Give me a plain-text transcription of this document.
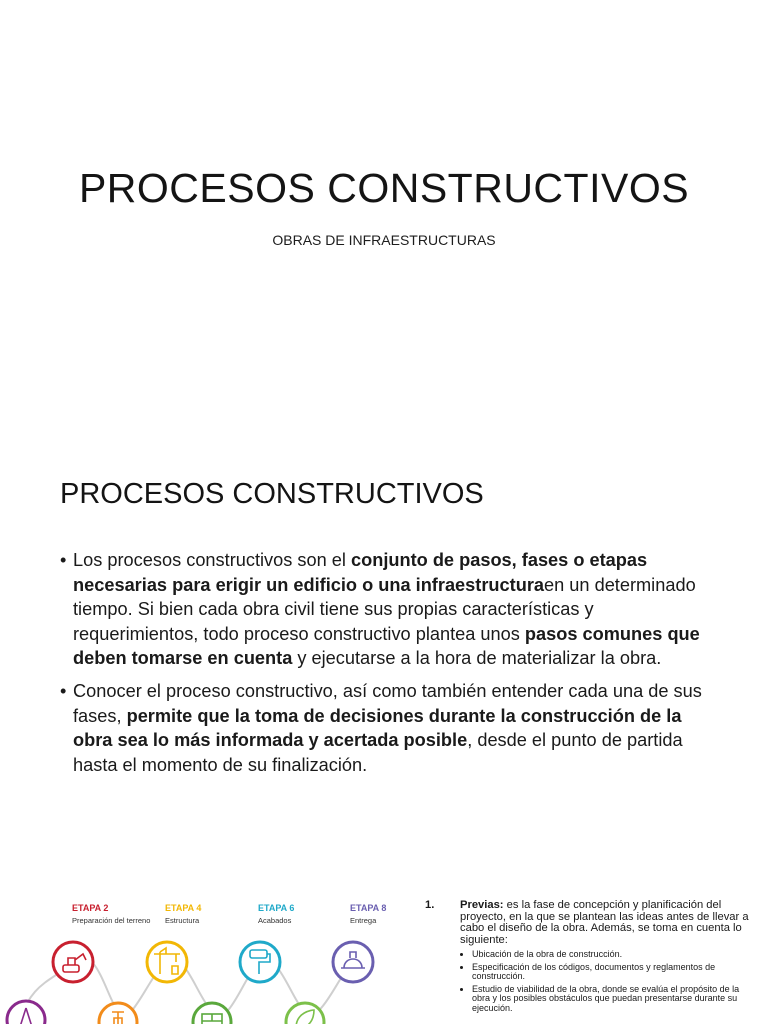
PROCESOS CONSTRUCTIVOS
OBRAS DE INFRAESTRUCTURAS
PROCESOS CONSTRUCTIVOS
• Los procesos constructivos son el conjunto de pasos, fases o etapas necesarias para erigir un edificio o una infraestructuraen un determinado tiempo. Si bien cada obra civil tiene sus propias características y requerimientos, todo proceso constructivo plantea unos pasos comunes que deben tomarse en cuenta y ejecutarse a la hora de materializar la obra.
• Conocer el proceso constructivo, así como también entender cada una de sus fases, permite que la toma de decisiones durante la construcción de la obra sea lo más informada y acertada posible, desde el punto de partida hasta el momento de su finalización.
ETAPA 2
Preparación del terreno
ETAPA 4
Estructura
ETAPA 6
Acabados
ETAPA 8
Entrega
1. Previas: es la fase de concepción y planificación del proyecto, en la que se plantean las ideas antes de llevar a cabo el diseño de la obra. Además, se toma en cuenta lo siguiente:
• Ubicación de la obra de construcción.
• Especificación de los códigos, documentos y reglamentos de construcción.
• Estudio de viabilidad de la obra, donde se evalúa el propósito de la obra y los posibles obstáculos que puedan presentarse durante su ejecución.
